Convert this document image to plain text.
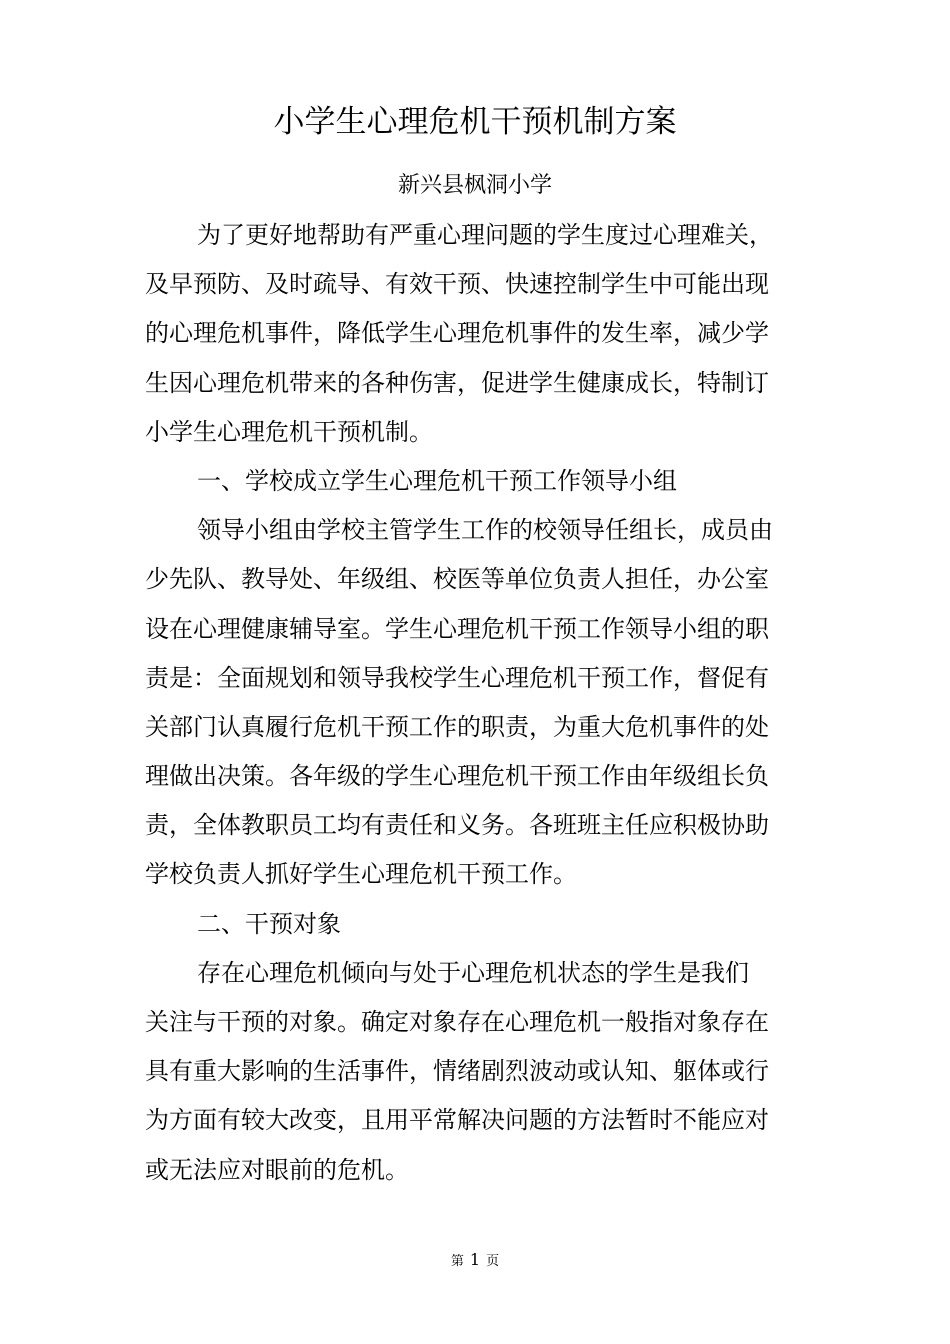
小学生心理危机干预机制方案
新兴县枫洞小学
为了更好地帮助有严重心理问题的学生度过心理难关，
及早预防、及时疏导、有效干预、快速控制学生中可能出现
的心理危机事件，降低学生心理危机事件的发生率，减少学
生因心理危机带来的各种伤害，促进学生健康成长，特制订
小学生心理危机干预机制。
一、学校成立学生心理危机干预工作领导小组
领导小组由学校主管学生工作的校领导任组长，成员由
少先队、教导处、年级组、校医等单位负责人担任，办公室
设在心理健康辅导室。学生心理危机干预工作领导小组的职
责是：全面规划和领导我校学生心理危机干预工作，督促有
关部门认真履行危机干预工作的职责，为重大危机事件的处
理做出决策。各年级的学生心理危机干预工作由年级组长负
责，全体教职员工均有责任和义务。各班班主任应积极协助
学校负责人抓好学生心理危机干预工作。
二、干预对象
存在心理危机倾向与处于心理危机状态的学生是我们
关注与干预的对象。确定对象存在心理危机一般指对象存在
具有重大影响的生活事件，情绪剧烈波动或认知、躯体或行
为方面有较大改变，且用平常解决问题的方法暂时不能应对
或无法应对眼前的危机。
第 1 页
